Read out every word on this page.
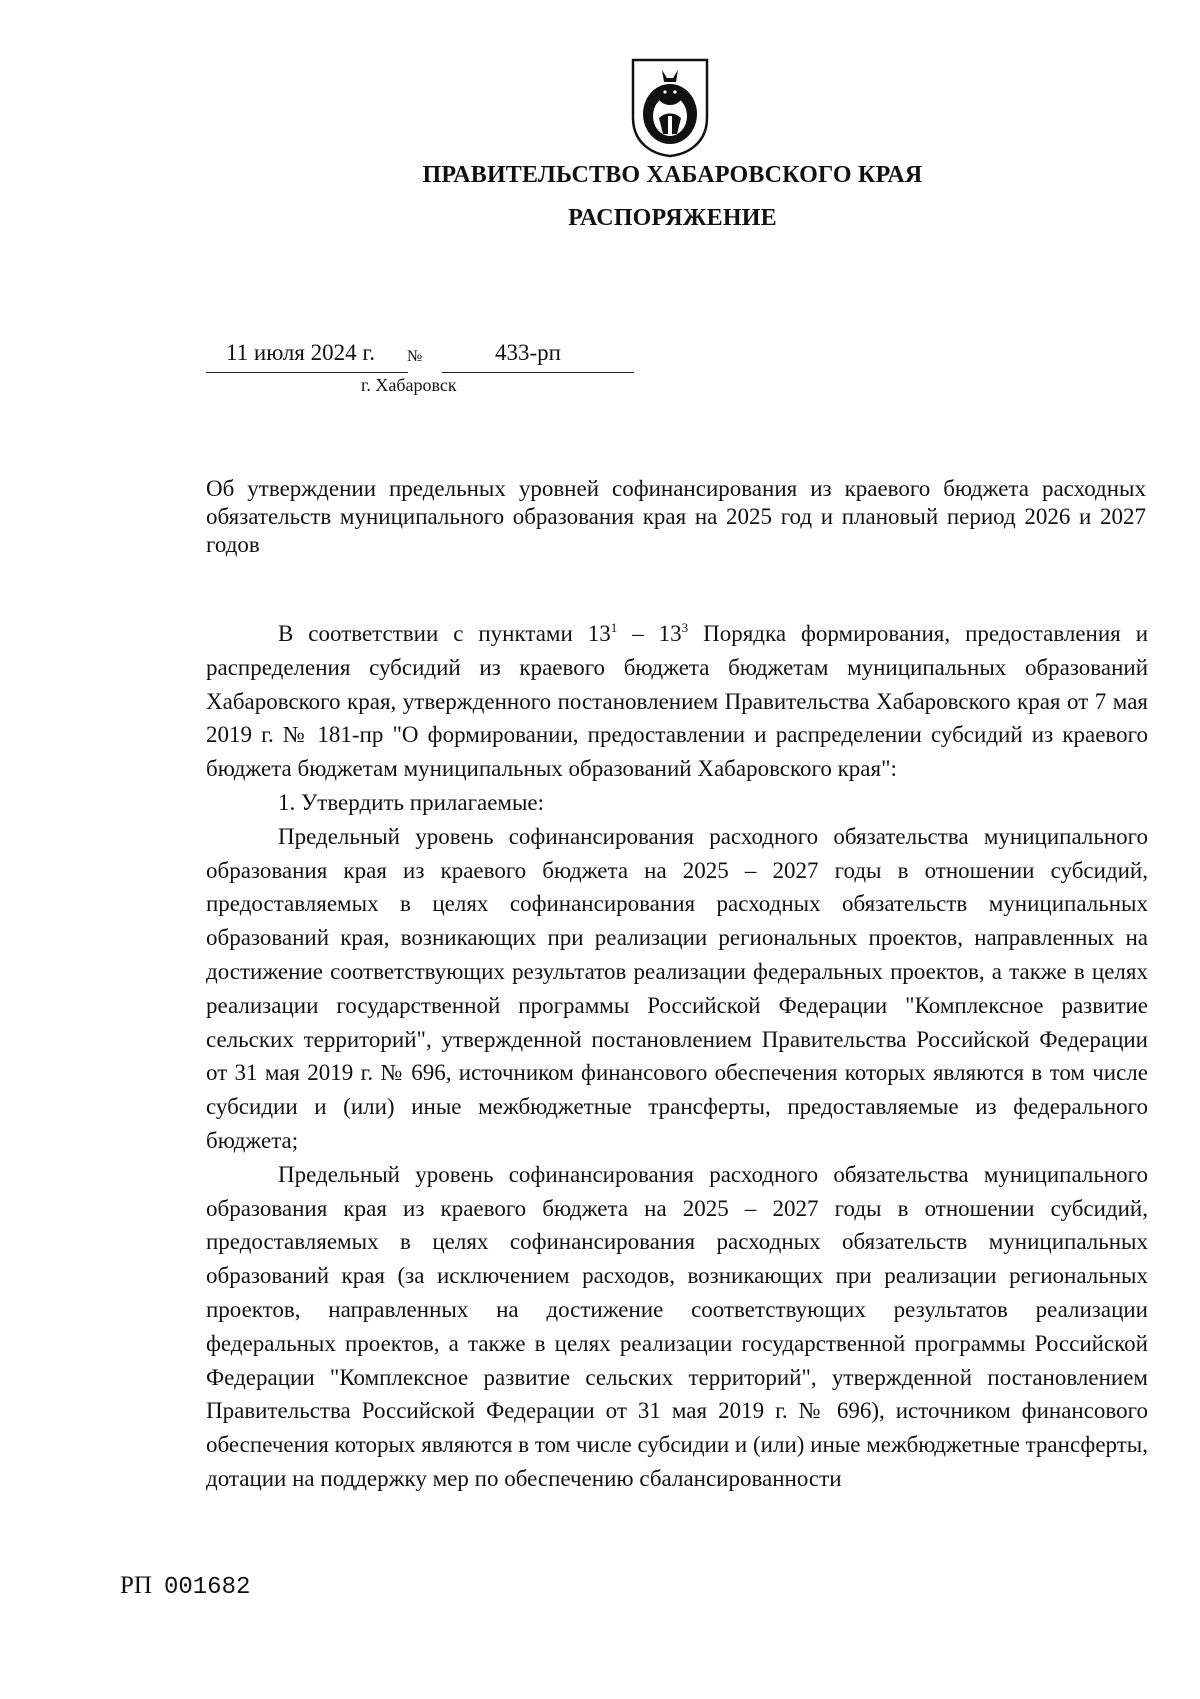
ПРАВИТЕЛЬСТВО ХАБАРОВСКОГО КРАЯ
РАСПОРЯЖЕНИЕ
11 июля 2024 г. №	433-рп
г. Хабаровск
Об утверждении предельных уровней софинансирования из краевого бюджета расходных обязательств муниципального образования края на 2025 год и плановый период 2026 и 2027 годов

В соответствии с пунктами $13^1 - 13^3$ Порядка формирования, предоставления и распределения субсидий из краевого бюджета бюджетам муниципальных образований Хабаровского края, утвержденного постановлением Правительства Хабаровского края от 7 мая 2019 г. № 181-пр "О формировании, предоставлении и распределении субсидий из краевого бюджета бюджетам муниципальных образований Хабаровского края":

1. Утвердить прилагаемые:

Предельный уровень софинансирования расходного обязательства муниципального образования края из краевого бюджета на 2025 – 2027 годы в отношении субсидий, предоставляемых в целях софинансирования расходных обязательств муниципальных образований края, возникающих при реализации региональных проектов, направленных на достижение соответствующих результатов реализации федеральных проектов, а также в целях реализации государственной программы Российской Федерации "Комплексное развитие сельских территорий", утвержденной постановлением Правительства Российской Федерации от 31 мая 2019 г. № 696, источником финансового обеспечения которых являются в том числе субсидии и (или) иные межбюджетные трансферты, предоставляемые из федерального бюджета;

Предельный уровень софинансирования расходного обязательства муниципального образования края из краевого бюджета на 2025 – 2027 годы в отношении субсидий, предоставляемых в целях софинансирования расходных обязательств муниципальных образований края (за исключением расходов, возникающих при реализации региональных проектов, направленных на достижение соответствующих результатов реализации федеральных проектов, а также в целях реализации государственной программы Российской Федерации "Комплексное развитие сельских территорий", утвержденной постановлением Правительства Российской Федерации от 31 мая 2019 г. № 696), источником финансового обеспечения которых являются в том числе субсидии и (или) иные межбюджетные трансферты, дотации на поддержку мер по обеспечению сбалансированности

РП 001682
